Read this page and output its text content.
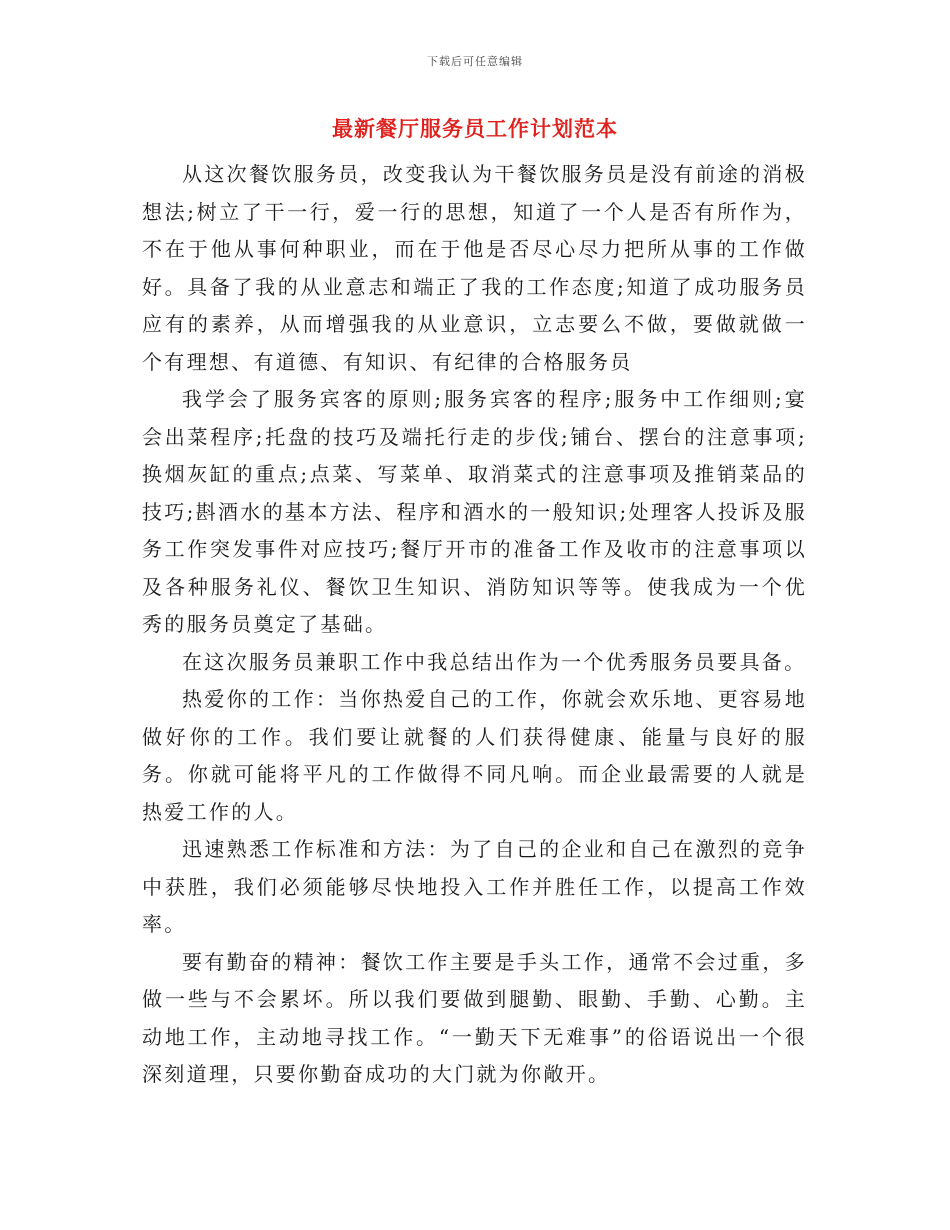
下载后可任意编辑
最新餐厅服务员工作计划范本

从这次餐饮服务员，改变我认为干餐饮服务员是没有前途的消极想法;树立了干一行，爱一行的思想，知道了一个人是否有所作为，不在于他从事何种职业，而在于他是否尽心尽力把所从事的工作做好。具备了我的从业意志和端正了我的工作态度;知道了成功服务员应有的素养，从而增强我的从业意识，立志要么不做，要做就做一个有理想、有道德、有知识、有纪律的合格服务员

我学会了服务宾客的原则;服务宾客的程序;服务中工作细则;宴会出菜程序;托盘的技巧及端托行走的步伐;铺台、摆台的注意事项;换烟灰缸的重点;点菜、写菜单、取消菜式的注意事项及推销菜品的技巧;斟酒水的基本方法、程序和酒水的一般知识;处理客人投诉及服务工作突发事件对应技巧;餐厅开市的准备工作及收市的注意事项以及各种服务礼仪、餐饮卫生知识、消防知识等等。使我成为一个优秀的服务员奠定了基础。

在这次服务员兼职工作中我总结出作为一个优秀服务员要具备。

热爱你的工作：当你热爱自己的工作，你就会欢乐地、更容易地做好你的工作。我们要让就餐的人们获得健康、能量与良好的服务。你就可能将平凡的工作做得不同凡响。而企业最需要的人就是热爱工作的人。

迅速熟悉工作标准和方法：为了自己的企业和自己在激烈的竞争中获胜，我们必须能够尽快地投入工作并胜任工作，以提高工作效率。

要有勤奋的精神：餐饮工作主要是手头工作，通常不会过重，多做一些与不会累坏。所以我们要做到腿勤、眼勤、手勤、心勤。主动地工作，主动地寻找工作。“一勤天下无难事”的俗语说出一个很深刻道理，只要你勤奋成功的大门就为你敞开。
